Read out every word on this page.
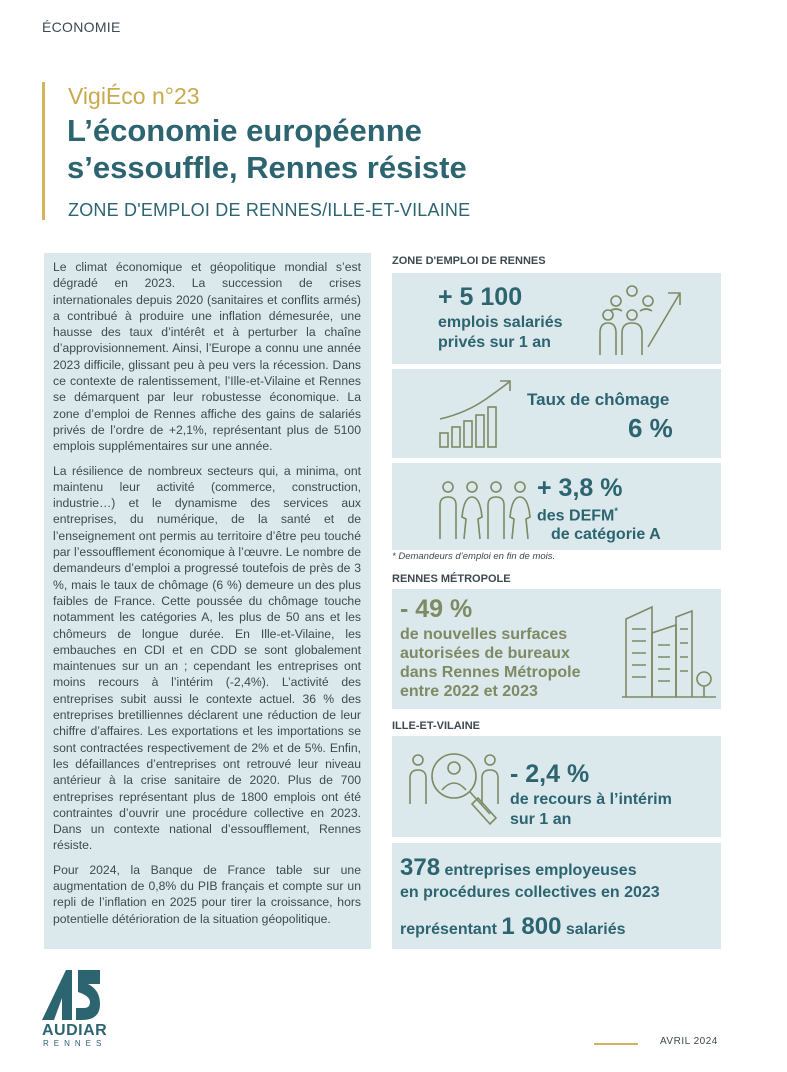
ÉCONOMIE
VigiÉco n°23
L’économie européenne
s’essouffle, Rennes résiste
ZONE D'EMPLOI DE RENNES/ILLE-ET-VILAINE

Le climat économique et géopolitique mondial s’est dégradé en 2023. La succession de crises internationales depuis 2020 (sanitaires et conflits armés) a contribué à produire une inflation démesurée, une hausse des taux d’intérêt et à perturber la chaîne d’approvisionnement. Ainsi, l’Europe a connu une année 2023 difficile, glissant peu à peu vers la récession. Dans ce contexte de ralentissement, l’Ille-et-Vilaine et Rennes se démarquent par leur robustesse économique. La zone d’emploi de Rennes affiche des gains de salariés privés de l’ordre de +2,1%, représentant plus de 5100 emplois supplémentaires sur une année.

La résilience de nombreux secteurs qui, a minima, ont maintenu leur activité (commerce, construction, industrie…) et le dynamisme des services aux entreprises, du numérique, de la santé et de l’enseignement ont permis au territoire d’être peu touché par l’essoufflement économique à l’œuvre. Le nombre de demandeurs d’emploi a progressé toutefois de près de 3 %, mais le taux de chômage (6 %) demeure un des plus faibles de France. Cette poussée du chômage touche notamment les catégories A, les plus de 50 ans et les chômeurs de longue durée. En Ille-et-Vilaine, les embauches en CDI et en CDD se sont globalement maintenues sur un an ; cependant les entreprises ont moins recours à l’intérim (-2,4%). L’activité des entreprises subit aussi le contexte actuel. 36 % des entreprises bretilliennes déclarent une réduction de leur chiffre d’affaires. Les exportations et les importations se sont contractées respectivement de 2% et de 5%. Enfin, les défaillances d’entreprises ont retrouvé leur niveau antérieur à la crise sanitaire de 2020. Plus de 700 entreprises représentant plus de 1800 emplois ont été contraintes d’ouvrir une procédure collective en 2023. Dans un contexte national d’essoufflement, Rennes résiste.

Pour 2024, la Banque de France table sur une augmentation de 0,8% du PIB français et compte sur un repli de l’inflation en 2025 pour tirer la croissance, hors potentielle détérioration de la situation géopolitique.

ZONE D'EMPLOI DE RENNES
+ 5 100
emplois salariés
privés sur 1 an
Taux de chômage
6 %
+ 3,8 %
des DEFM*
de catégorie A
* Demandeurs d’emploi en fin de mois.
RENNES MÉTROPOLE
- 49 %
de nouvelles surfaces
autorisées de bureaux
dans Rennes Métropole
entre 2022 et 2023
ILLE-ET-VILAINE
- 2,4 %
de recours à l’intérim
sur 1 an
378 entreprises employeuses
en procédures collectives en 2023
représentant 1 800 salariés
AUDIAR
RENNES	AVRIL 2024
